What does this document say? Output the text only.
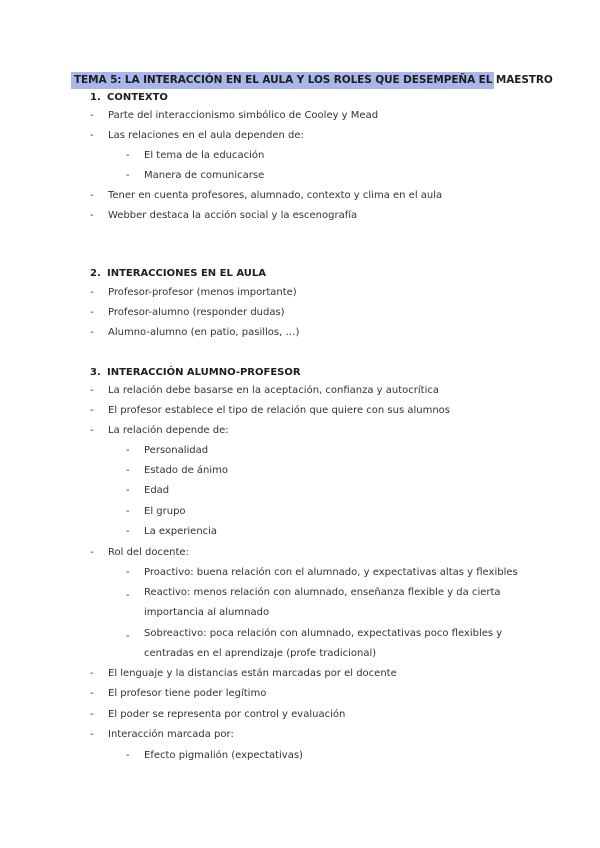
TEMA 5: LA INTERACCIÓN EN EL AULA Y LOS ROLES QUE DESEMPEÑA EL MAESTRO
1. CONTEXTO
- Parte del interaccionismo simbólico de Cooley y Mead
- Las relaciones en el aula dependen de:
- El tema de la educación
- Manera de comunicarse
- Tener en cuenta profesores, alumnado, contexto y clima en el aula
- Webber destaca la acción social y la escenografía
2. INTERACCIONES EN EL AULA
- Profesor-profesor (menos importante)
- Profesor-alumno (responder dudas)
- Alumno-alumno (en patio, pasillos, …)
3. INTERACCIÓN ALUMNO-PROFESOR
- La relación debe basarse en la aceptación, confianza y autocrítica
- El profesor establece el tipo de relación que quiere con sus alumnos
- La relación depende de:
- Personalidad
- Estado de ánimo
- Edad
- El grupo
- La experiencia
- Rol del docente:
- Proactivo: buena relación con el alumnado, y expectativas altas y flexibles
- Reactivo: menos relación con alumnado, enseñanza flexible y da cierta importancia al alumnado
- Sobreactivo: poca relación con alumnado, expectativas poco flexibles y centradas en el aprendizaje (profe tradicional)
- El lenguaje y la distancias están marcadas por el docente
- El profesor tiene poder legítimo
- El poder se representa por control y evaluación
- Interacción marcada por:
- Efecto pigmalión (expectativas)
